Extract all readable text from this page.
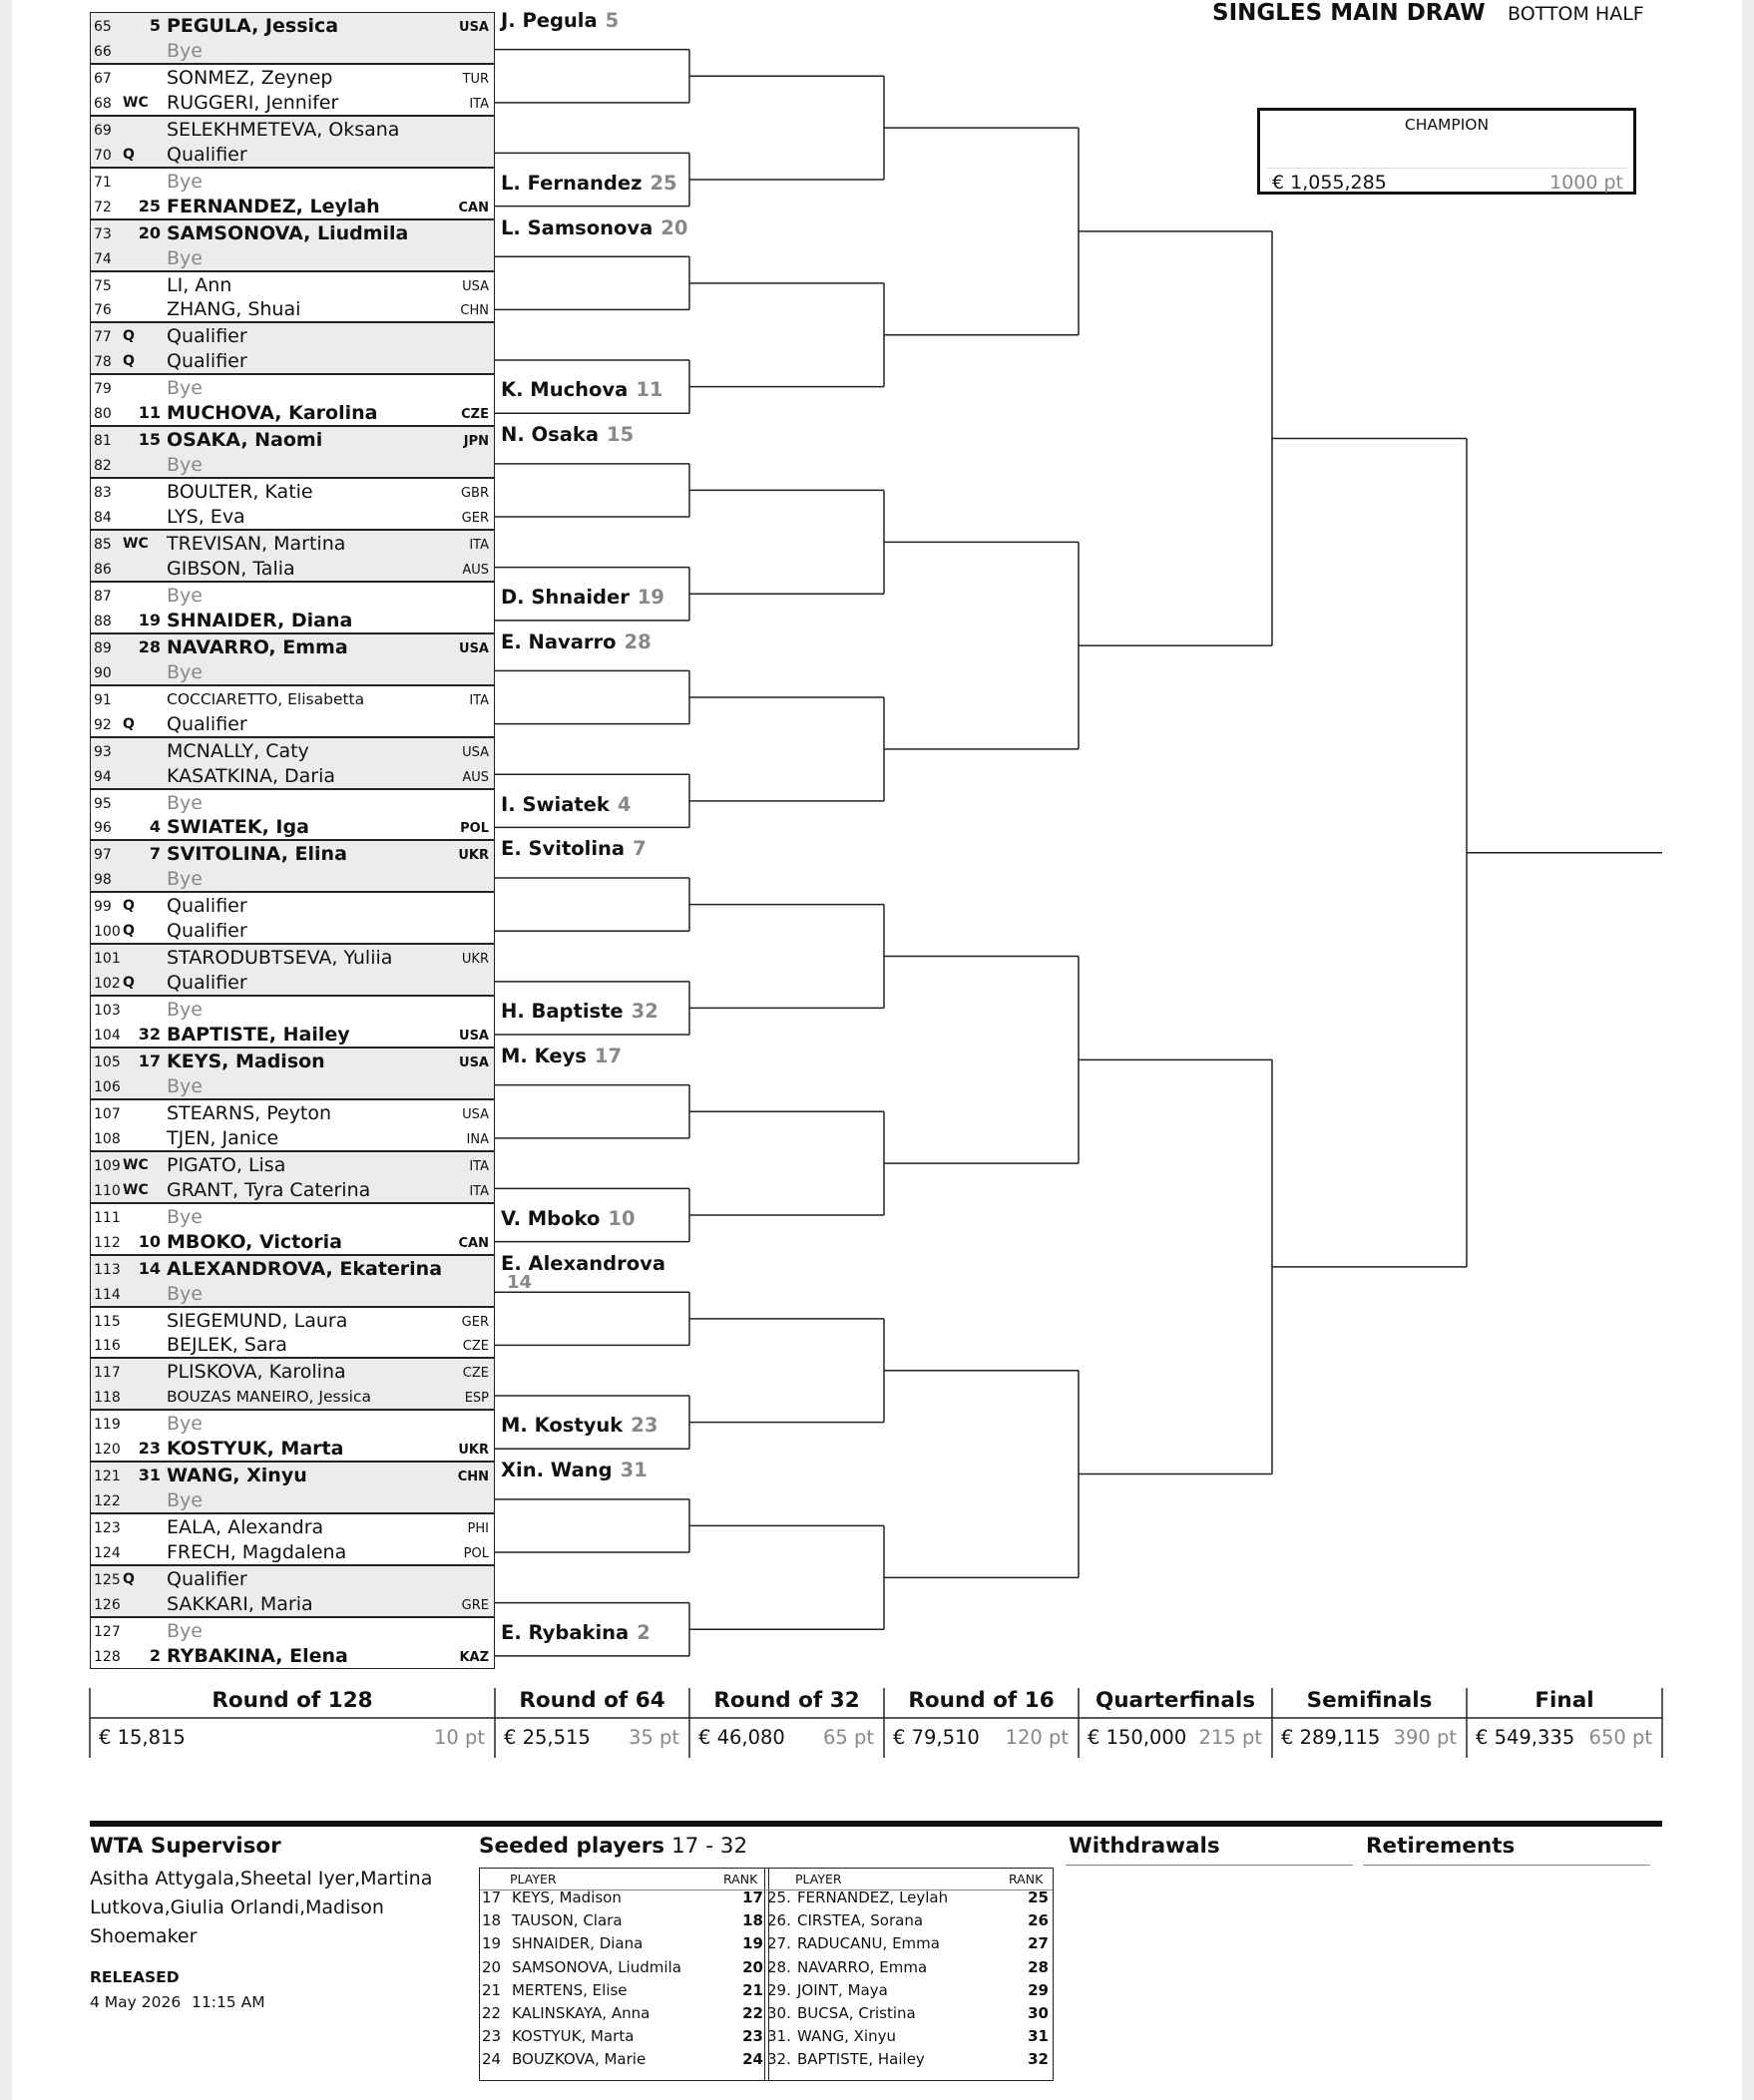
65	5 PEGULA, Jessica	USA
66	Bye
67	SONMEZ, Zeynep	TUR
68 WC RUGGERI, Jennifer	ITA
69	SELEKHMETEVA, Oksana
70 Q Qualifier
71	Bye
72	25 FERNANDEZ, Leylah	CAN
73	20 SAMSONOVA, Liudmila
74	Bye
75	LI, Ann	USA
76	ZHANG, Shuai	CHN
77 Q Qualifier
78 Q Qualifier
79	Bye
80	11 MUCHOVA, Karolina	CZE
81	15 OSAKA, Naomi	JPN
82	Bye
83	BOULTER, Katie	GBR
84	LYS, Eva	GER
85 WC TREVISAN, Martina	ITA
86	GIBSON, Talia	AUS
87	Bye
88	19 SHNAIDER, Diana
89	28 NAVARRO, Emma	USA
90	Bye
91	COCCIARETTO, Elisabetta	ITA
92 Q Qualifier
93	MCNALLY, Caty	USA
94	KASATKINA, Daria	AUS
95	Bye
96	4 SWIATEK, Iga	POL
97	7 SVITOLINA, Elina	UKR
98	Bye
99 Q Qualifier
100 Q Qualifier
101 STARODUBTSEVA, Yuliia	UKR
102 Q Qualifier
103 Bye
104	32 BAPTISTE, Hailey	USA
105	17 KEYS, Madison	USA
106 Bye
107 STEARNS, Peyton	USA
108 TJEN, Janice	INA
109 WC PIGATO, Lisa	ITA
110 WC GRANT, Tyra Caterina	ITA
111 Bye
112	10 MBOKO, Victoria	CAN
113	14 ALEXANDROVA, Ekaterina
114 Bye
115 SIEGEMUND, Laura	GER
116 BEJLEK, Sara	CZE
117 PLISKOVA, Karolina	CZE
118	BOUZAS MANEIRO, Jessica	ESP
119 Bye
120	23 KOSTYUK, Marta	UKR
121	31 WANG, Xinyu	CHN
122 Bye
123 EALA, Alexandra	PHI
124 FRECH, Magdalena	POL
125 Q Qualifier
126 SAKKARI, Maria	GRE
127 Bye
128	2 RYBAKINA, Elena	KAZ
J. Pegula 5
L. Fernandez 25
L. Samsonova 20
K. Muchova 11
N. Osaka 15
D. Shnaider 19
E. Navarro 28
I. Swiatek 4
E. Svitolina 7
H. Baptiste 32
M. Keys 17
V. Mboko 10
E. Alexandrova
14
M. Kostyuk 23
Xin. Wang 31
E. Rybakina 2
SINGLES MAIN DRAW BOTTOM HALF
CHAMPION
€ 1,055,285	1000 pt
Round of 128
€ 15,815	10 pt
Round of 64
€ 25,515	35 pt
Round of 32
€ 46,080	65 pt
Round of 16
€ 79,510	120 pt
Quarterfinals
€ 150,000 215 pt
Semifinals
€ 289,115 390 pt
Final
€ 549,335 650 pt
WTA Supervisor
Asitha Attygala,Sheetal Iyer,Martina
Lutkova,Giulia Orlandi,Madison
Shoemaker
RELEASED
4 May 2026 11:15 AM
Seeded players 17 - 32
PLAYER	RANK
17 KEYS, Madison	17
18 TAUSON, Clara	18
19 SHNAIDER, Diana	19
20 SAMSONOVA, Liudmila	20
21 MERTENS, Elise	21
22 KALINSKAYA, Anna	22
23 KOSTYUK, Marta	23
24 BOUZKOVA, Marie	24
PLAYER	RANK
25. FERNANDEZ, Leylah	25
26. CIRSTEA, Sorana	26
27. RADUCANU, Emma	27
28. NAVARRO, Emma	28
29. JOINT, Maya	29
30. BUCSA, Cristina	30
31. WANG, Xinyu	31
32. BAPTISTE, Hailey	32
Withdrawals	Retirements
